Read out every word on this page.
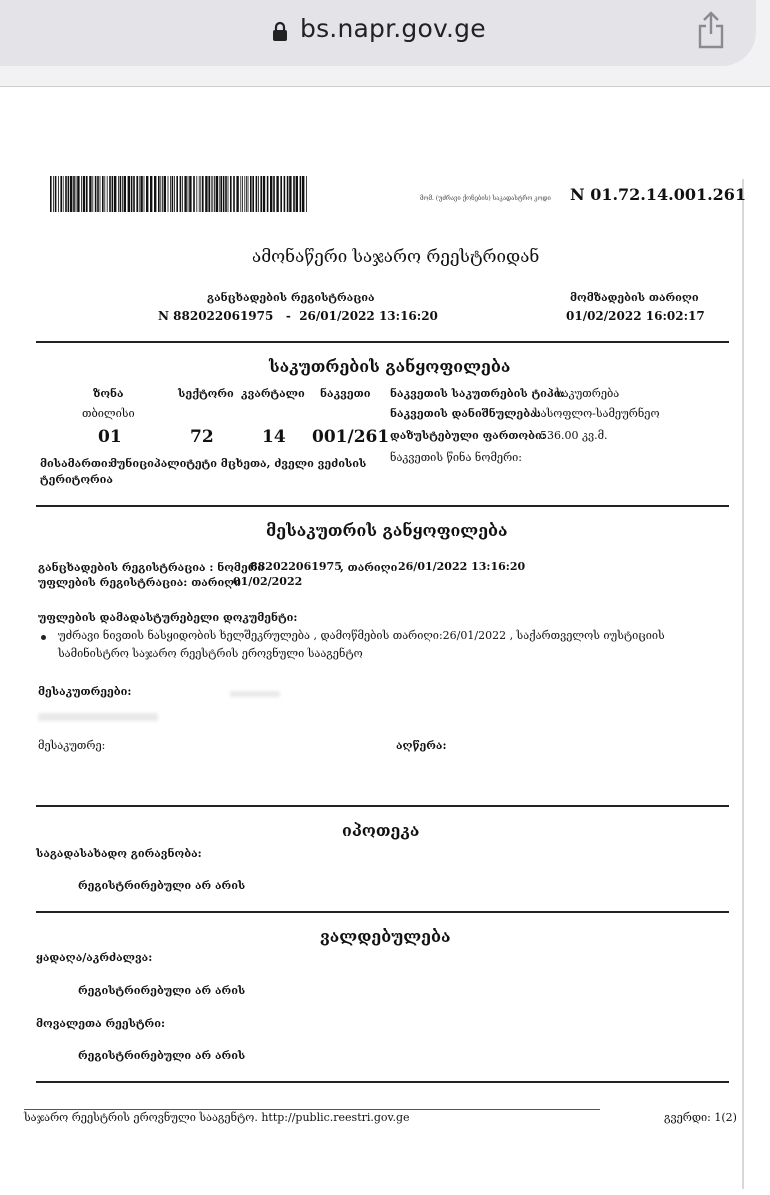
bs.napr.gov.ge
მომ. (უძრავი ქონების) საკადასტრო კოდი N 01.72.14.001.261
ამონაწერი საჯარო რეესტრიდან
განცხადების რეგისტრაცია
N 882022061975   -  26/01/2022 13:16:20
მომზადების თარიღი
01/02/2022 16:02:17
საკუთრების განყოფილება
ზონა	სექტორი კვარტალი ნაკვეთი
თბილისი
01	72	14 001/261
მისამართი:
მუნიციპალიტეტი მცხეთა, ძველი ვეძისის
ტერიტორია
ნაკვეთის საკუთრების ტიპი:
საკუთრება
ნაკვეთის დანიშნულება:
სასოფლო-სამეურნეო
დაზუსტებული ფართობი:
536.00 კვ.მ.
ნაკვეთის წინა ნომერი:
მესაკუთრის განყოფილება
განცხადების რეგისტრაცია : ნომერი
882022061975
, თარიღი 26/01/2022 13:16:20
უფლების რეგისტრაცია: თარიღი
01/02/2022
უფლების დამადასტურებელი დოკუმენტი:
უძრავი ნივთის ნასყიდობის ხელშეკრულება , დამოწმების თარიღი:26/01/2022 , საქართველოს იუსტიციის
სამინისტრო საჯარო რეესტრის ეროვნული სააგენტო
მესაკუთრეები:
მესაკუთრე:	აღწერა:
იპოთეკა
საგადასახადო გირავნობა:
რეგისტრირებული არ არის
ვალდებულება
ყადაღა/აკრძალვა:
რეგისტრირებული არ არის
მოვალეთა რეესტრი:
რეგისტრირებული არ არის
საჯარო რეესტრის ეროვნული სააგენტო. http://public.reestri.gov.ge	გვერდი: 1(2)
